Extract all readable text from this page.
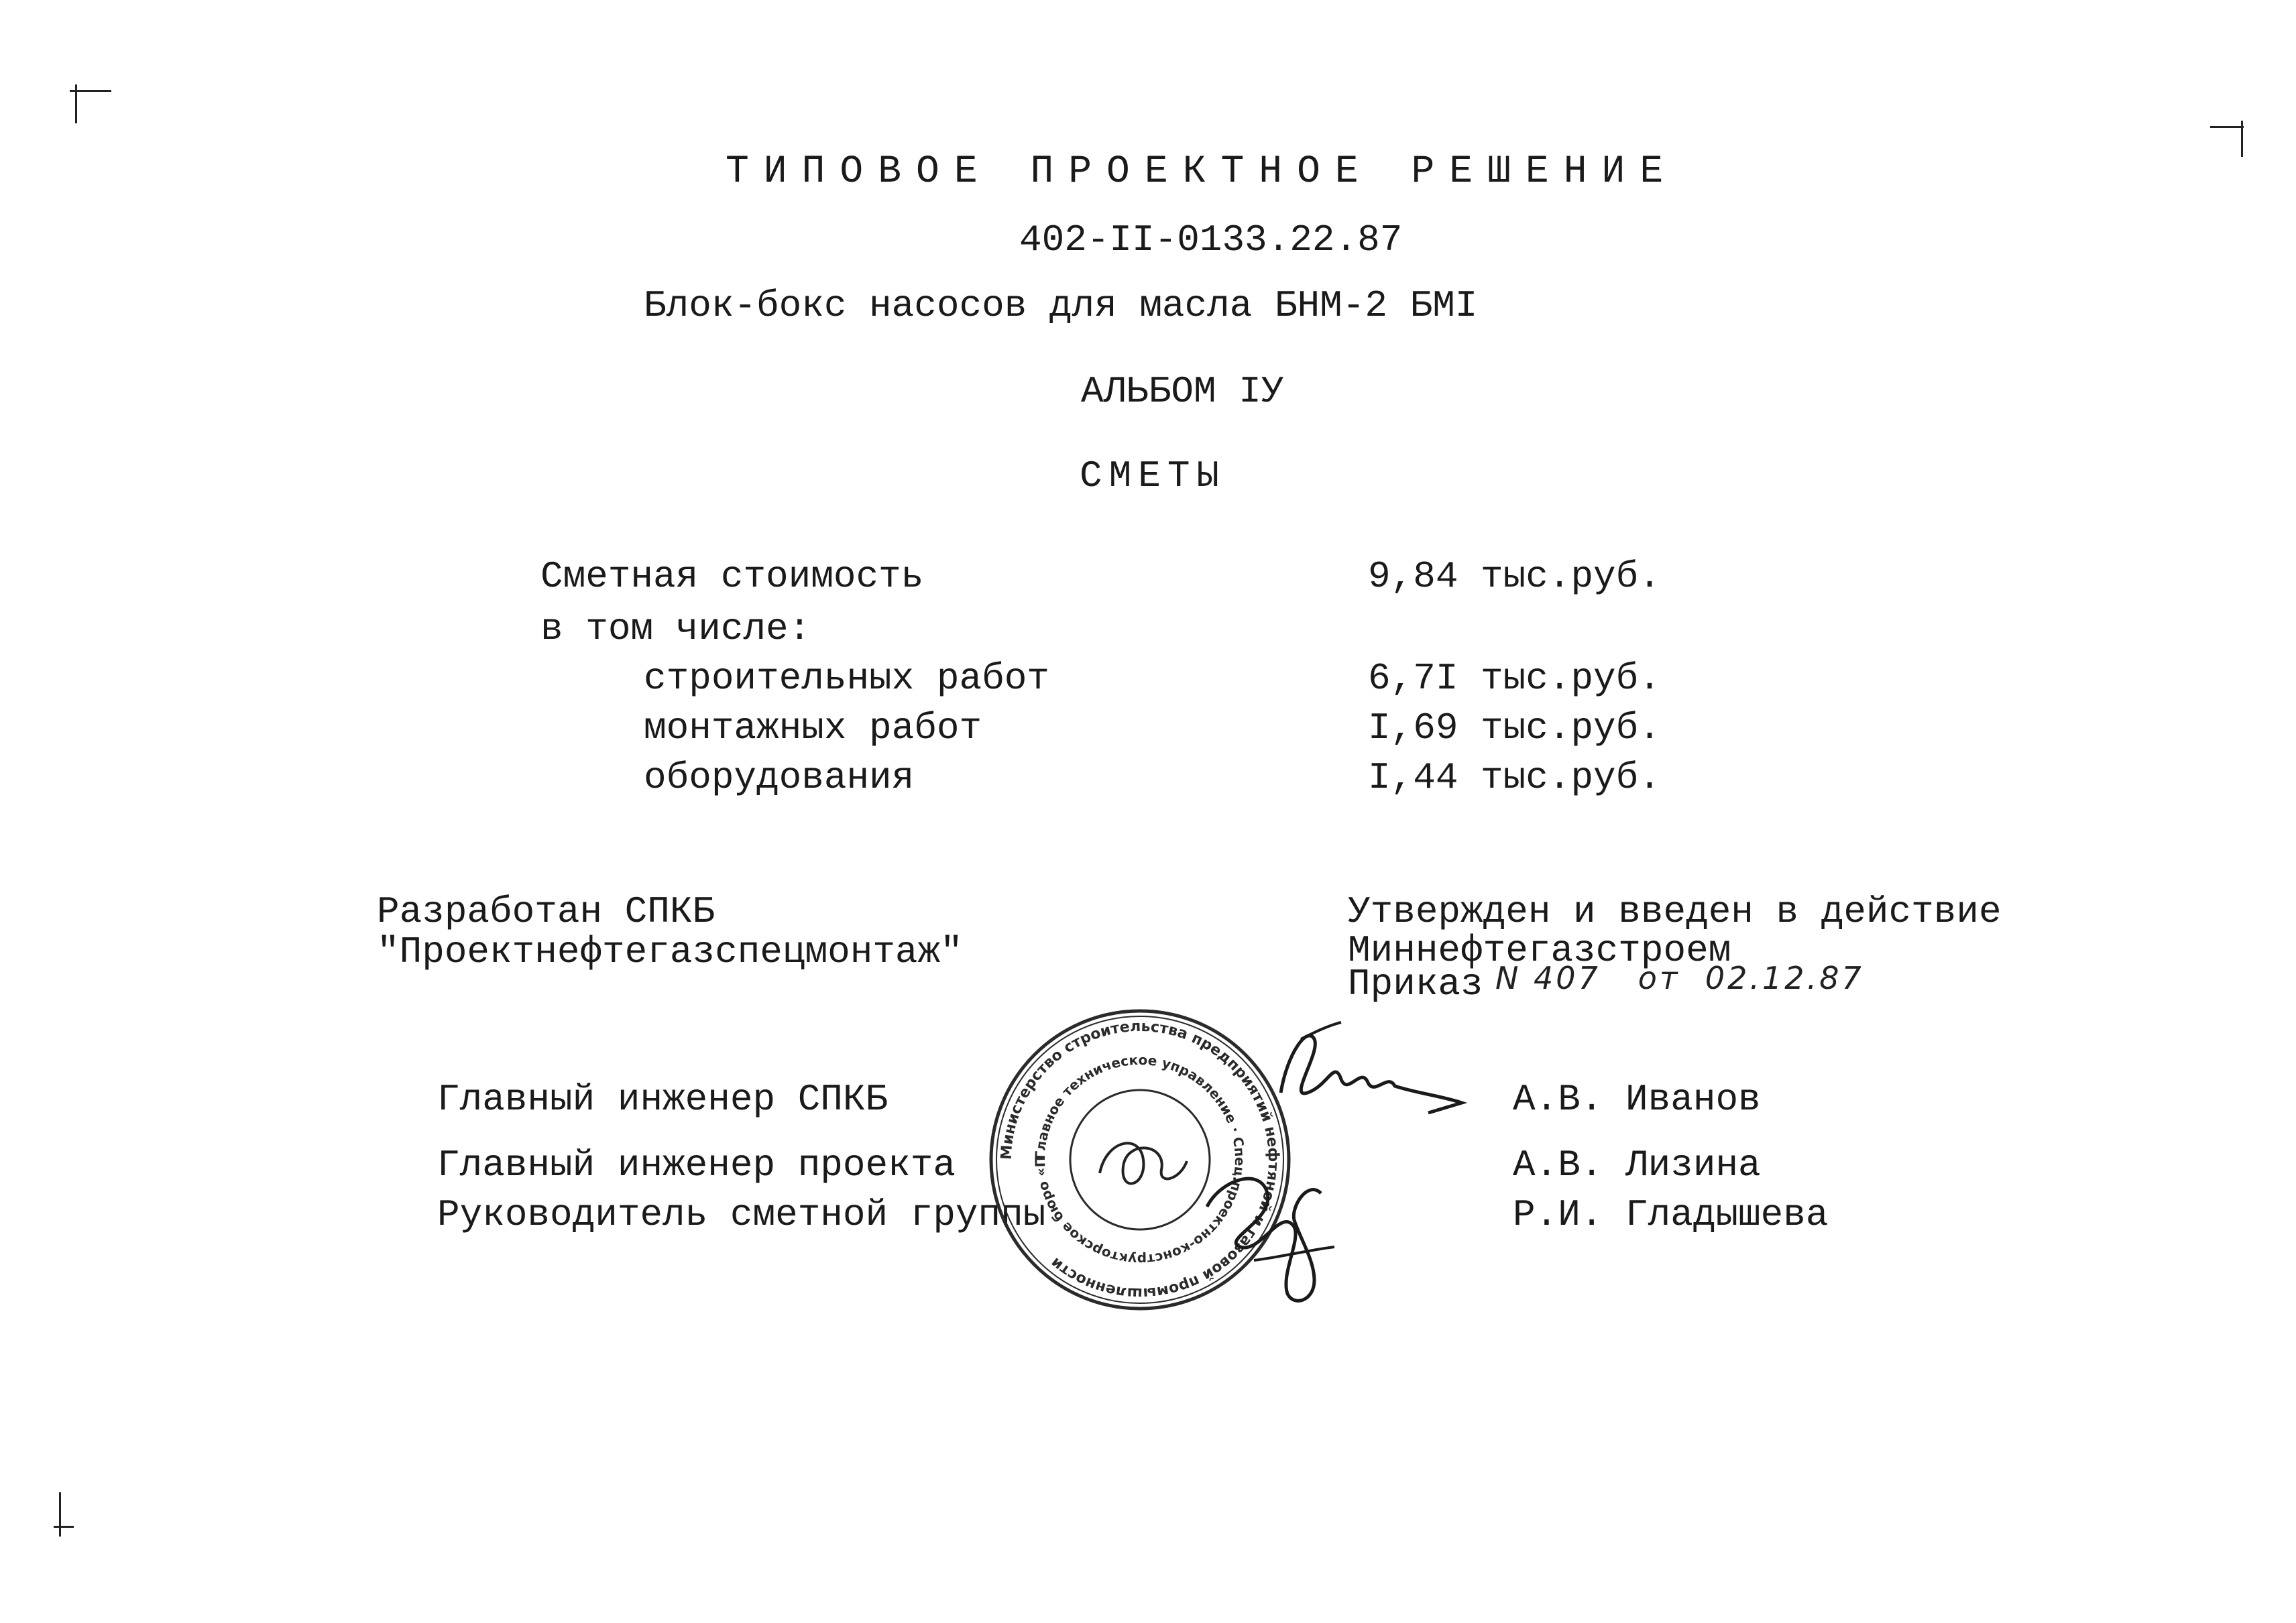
ТИПОВОЕ ПРОЕКТНОЕ РЕШЕНИЕ
402-II-0133.22.87
Блок-бокс насосов для масла БНМ-2 БМI
АЛЬБОМ IУ
СМЕТЫ
Сметная стоимость	9,84 тыс.руб.
в том числе:
строительных работ	6,7I тыс.руб.
монтажных работ	I,69 тыс.руб.
оборудования	I,44 тыс.руб.
Разработан СПКБ
"Проектнефтегазспецмонтаж"
Утвержден и введен в действие
Миннефтегазстроем
Приказ N 407   от  02.12.87
Главный инженер СПКБ	А.В. Иванов
Главный инженер проекта	А.В. Лизина
Руководитель сметной группы	Р.И. Гладышева
Министерство строительства предприятий нефтяной и газовой промышленности
Главное техническое управление · Спец.проектно-конструкторское бюро «Проектнефтегазспецмонтаж»
